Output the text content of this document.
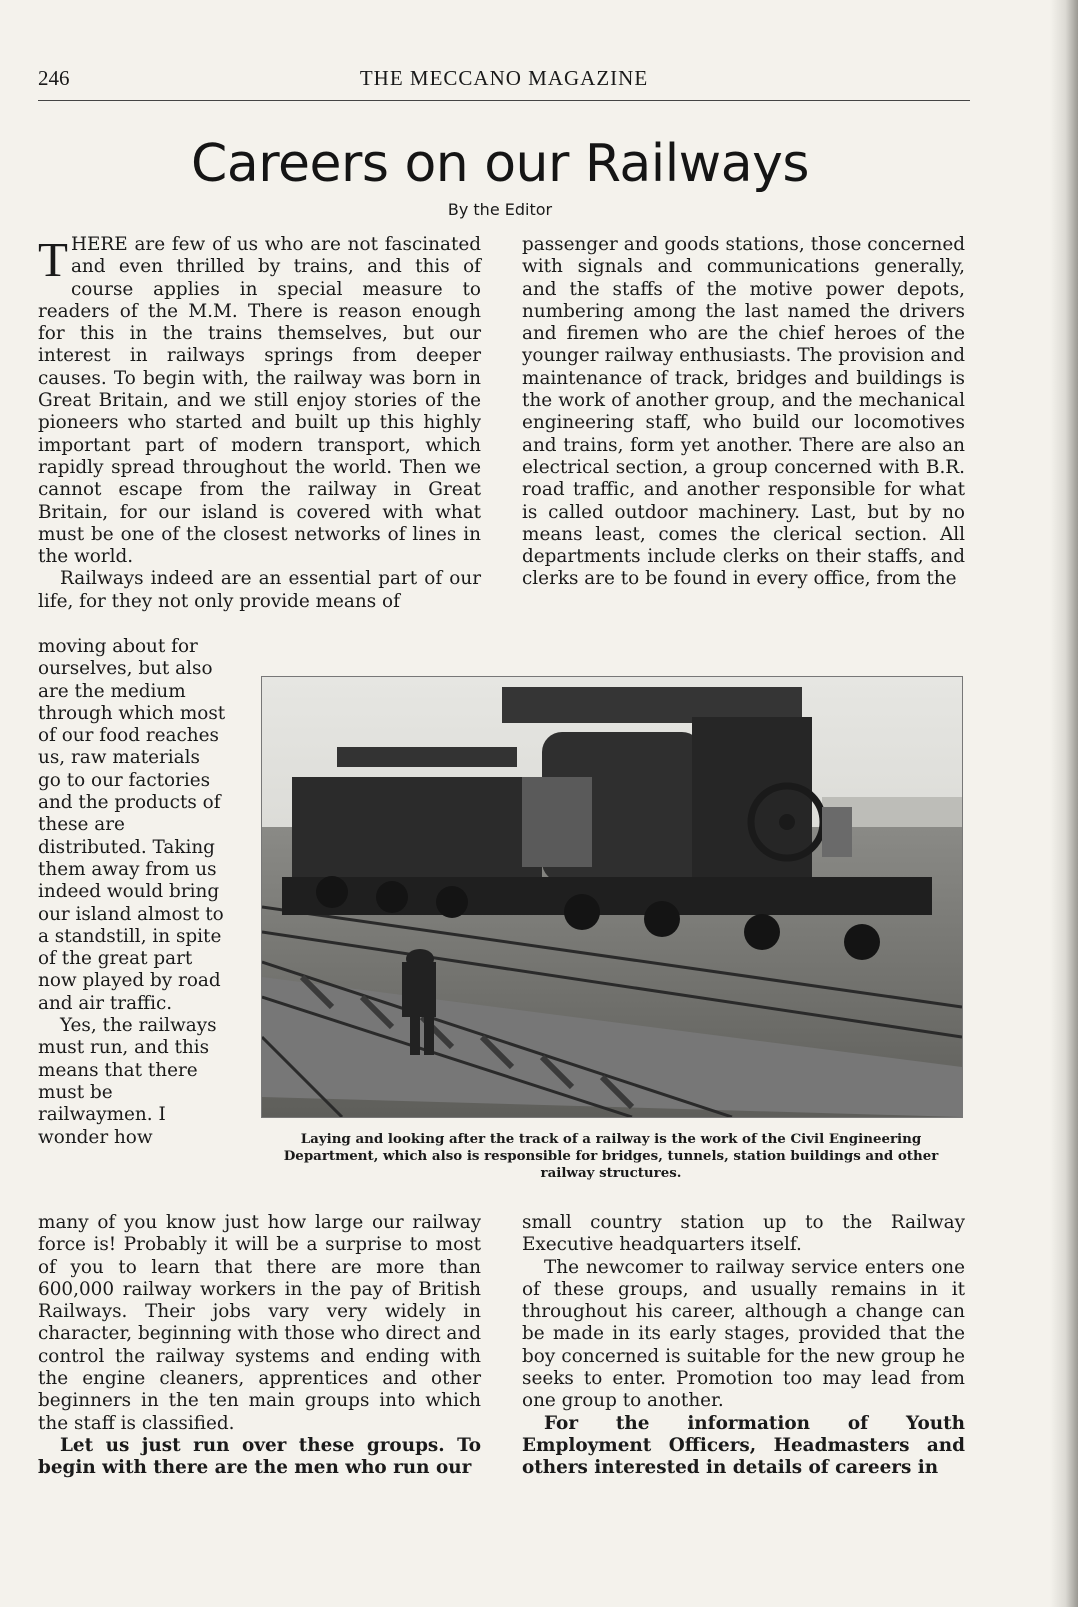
246	THE MECCANO MAGAZINE
Careers on our Railways
By the Editor

THERE are few of us who are not fascinated and even thrilled by trains, and this of course applies in special measure to readers of the M.M. There is reason enough for this in the trains themselves, but our interest in railways springs from deeper causes. To begin with, the railway was born in Great Britain, and we still enjoy stories of the pioneers who started and built up this highly important part of modern transport, which rapidly spread throughout the world. Then we cannot escape from the railway in Great Britain, for our island is covered with what must be one of the closest networks of lines in the world.

Railways indeed are an essential part of our life, for they not only provide means of

passenger and goods stations, those concerned with signals and communications generally, and the staffs of the motive power depots, numbering among the last named the drivers and firemen who are the chief heroes of the younger railway enthusiasts. The provision and maintenance of track, bridges and buildings is the work of another group, and the mechanical engineering staff, who build our locomotives and trains, form yet another. There are also an electrical section, a group concerned with B.R. road traffic, and another responsible for what is called outdoor machinery. Last, but by no means least, comes the clerical section. All departments include clerks on their staffs, and clerks are to be found in every office, from the

moving about for ourselves, but also are the medium through which most of our food reaches us, raw materials go to our factories and the products of these are distributed. Taking them away from us indeed would bring our island almost to a standstill, in spite of the great part now played by road and air traffic.

Yes, the railways must run, and this means that there must be railwaymen. I wonder how	Laying and looking after the track of a railway is the work of the Civil Engineering Department, which also is responsible for bridges, tunnels, station buildings and other railway structures.

many of you know just how large our railway force is! Probably it will be a surprise to most of you to learn that there are more than 600,000 railway workers in the pay of British Railways. Their jobs vary very widely in character, beginning with those who direct and control the railway systems and ending with the engine cleaners, apprentices and other beginners in the ten main groups into which the staff is classified.

Let us just run over these groups. To begin with there are the men who run our

small country station up to the Railway Executive headquarters itself.

The newcomer to railway service enters one of these groups, and usually remains in it throughout his career, although a change can be made in its early stages, provided that the boy concerned is suitable for the new group he seeks to enter. Promotion too may lead from one group to another.

For the information of Youth Employment Officers, Headmasters and others interested in details of careers in
